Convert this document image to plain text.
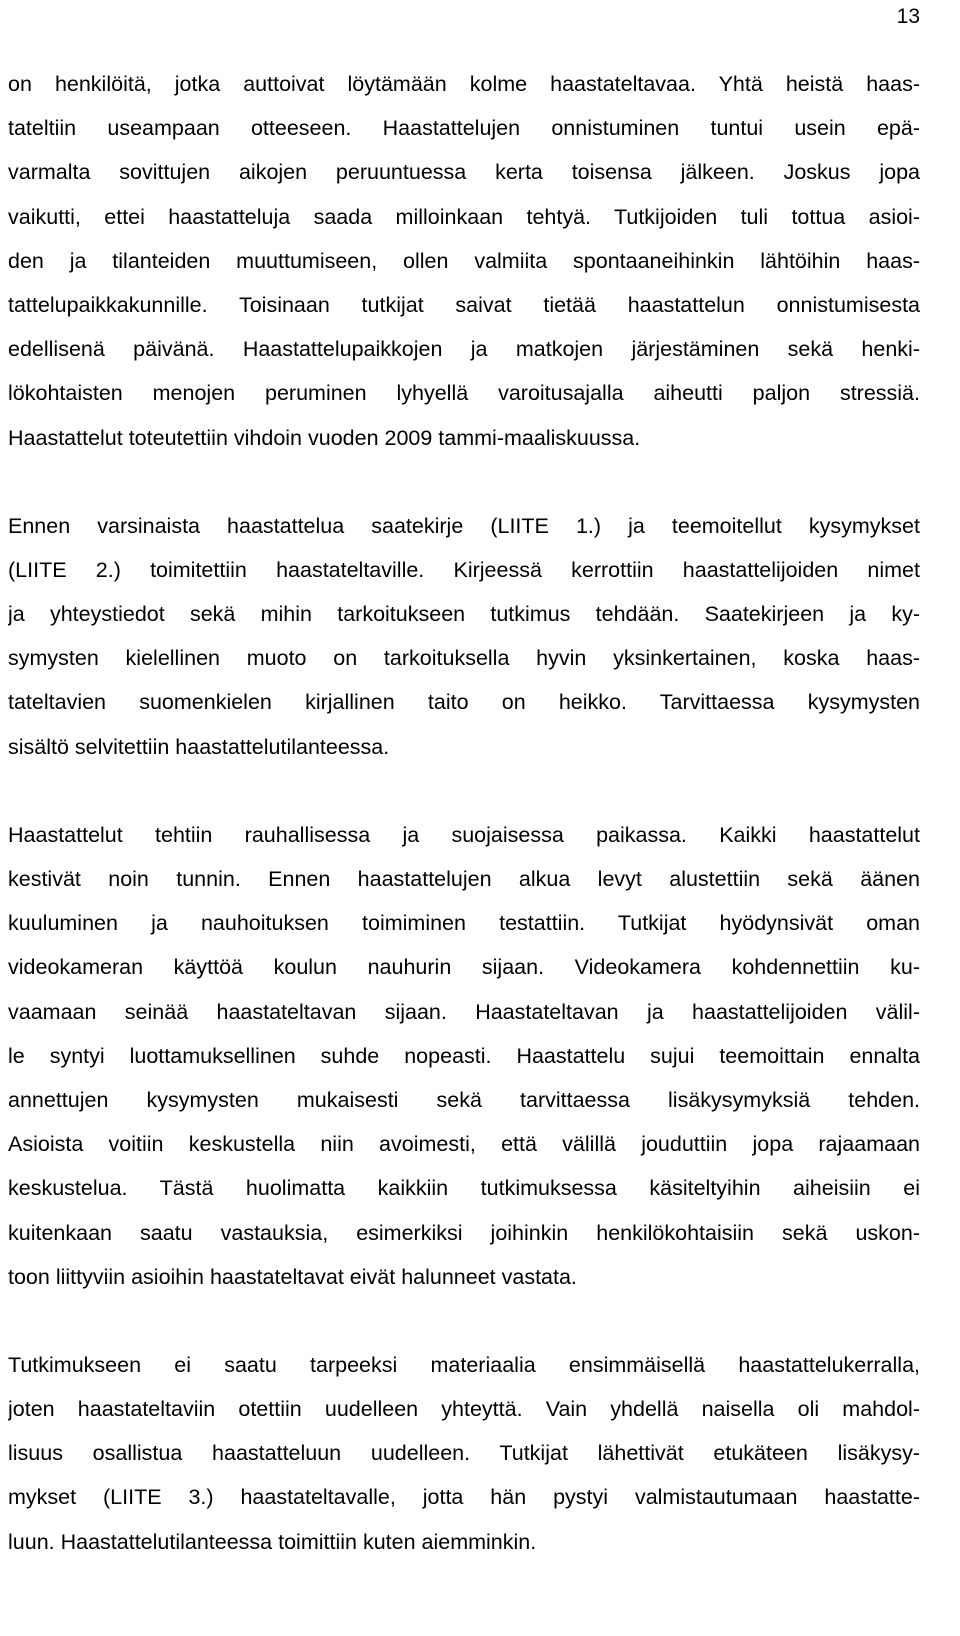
13
on henkilöitä, jotka auttoivat löytämään kolme haastateltavaa. Yhtä heistä haas-
tateltiin useampaan otteeseen. Haastattelujen onnistuminen tuntui usein epä-
varmalta sovittujen aikojen peruuntuessa kerta toisensa jälkeen. Joskus jopa
vaikutti, ettei haastatteluja saada milloinkaan tehtyä. Tutkijoiden tuli tottua asioi-
den ja tilanteiden muuttumiseen, ollen valmiita spontaaneihinkin lähtöihin haas-
tattelupaikkakunnille. Toisinaan tutkijat saivat tietää haastattelun onnistumisesta
edellisenä päivänä. Haastattelupaikkojen ja matkojen järjestäminen sekä henki-
lökohtaisten menojen peruminen lyhyellä varoitusajalla aiheutti paljon stressiä.
Haastattelut toteutettiin vihdoin vuoden 2009 tammi-maaliskuussa.
Ennen varsinaista haastattelua saatekirje (LIITE 1.) ja teemoitellut kysymykset
(LIITE 2.) toimitettiin haastateltaville. Kirjeessä kerrottiin haastattelijoiden nimet
ja yhteystiedot sekä mihin tarkoitukseen tutkimus tehdään. Saatekirjeen ja ky-
symysten kielellinen muoto on tarkoituksella hyvin yksinkertainen, koska haas-
tateltavien suomenkielen kirjallinen taito on heikko. Tarvittaessa kysymysten
sisältö selvitettiin haastattelutilanteessa.
Haastattelut tehtiin rauhallisessa ja suojaisessa paikassa. Kaikki haastattelut
kestivät noin tunnin. Ennen haastattelujen alkua levyt alustettiin sekä äänen
kuuluminen ja nauhoituksen toimiminen testattiin. Tutkijat hyödynsivät oman
videokameran käyttöä koulun nauhurin sijaan. Videokamera kohdennettiin ku-
vaamaan seinää haastateltavan sijaan. Haastateltavan ja haastattelijoiden välil-
le syntyi luottamuksellinen suhde nopeasti. Haastattelu sujui teemoittain ennalta
annettujen kysymysten mukaisesti sekä tarvittaessa lisäkysymyksiä tehden.
Asioista voitiin keskustella niin avoimesti, että välillä jouduttiin jopa rajaamaan
keskustelua. Tästä huolimatta kaikkiin tutkimuksessa käsiteltyihin aiheisiin ei
kuitenkaan saatu vastauksia, esimerkiksi joihinkin henkilökohtaisiin sekä uskon-
toon liittyviin asioihin haastateltavat eivät halunneet vastata.
Tutkimukseen ei saatu tarpeeksi materiaalia ensimmäisellä haastattelukerralla,
joten haastateltaviin otettiin uudelleen yhteyttä. Vain yhdellä naisella oli mahdol-
lisuus osallistua haastatteluun uudelleen. Tutkijat lähettivät etukäteen lisäkysy-
mykset (LIITE 3.) haastateltavalle, jotta hän pystyi valmistautumaan haastatte-
luun. Haastattelutilanteessa toimittiin kuten aiemminkin.
